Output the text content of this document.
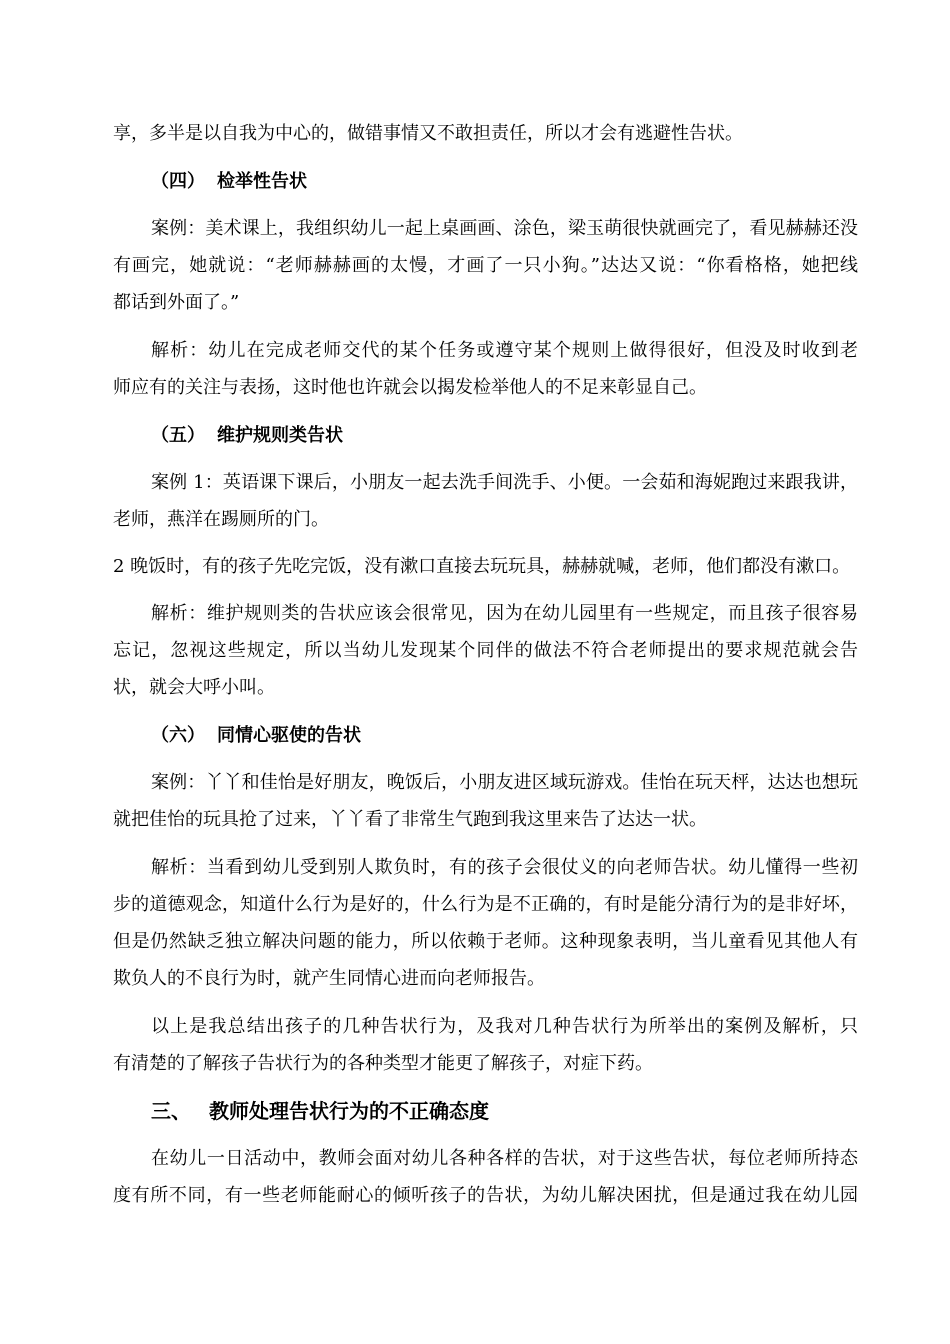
享，多半是以自我为中心的，做错事情又不敢担责任，所以才会有逃避性告状。
（四） 检举性告状
案例：美术课上，我组织幼儿一起上桌画画、涂色，梁玉萌很快就画完了，看见赫赫还没
有画完，她就说：“老师赫赫画的太慢，才画了一只小狗。”达达又说：“你看格格，她把线
都话到外面了。”
解析：幼儿在完成老师交代的某个任务或遵守某个规则上做得很好，但没及时收到老
师应有的关注与表扬，这时他也许就会以揭发检举他人的不足来彰显自己。
（五） 维护规则类告状
案例 1：英语课下课后，小朋友一起去洗手间洗手、小便。一会茹和海妮跑过来跟我讲，
老师，燕洋在踢厕所的门。
2 晚饭时，有的孩子先吃完饭，没有漱口直接去玩玩具，赫赫就喊，老师，他们都没有漱口。
解析：维护规则类的告状应该会很常见，因为在幼儿园里有一些规定，而且孩子很容易
忘记，忽视这些规定，所以当幼儿发现某个同伴的做法不符合老师提出的要求规范就会告
状，就会大呼小叫。
（六） 同情心驱使的告状
案例：丫丫和佳怡是好朋友，晚饭后，小朋友进区域玩游戏。佳怡在玩天枰，达达也想玩
就把佳怡的玩具抢了过来，丫丫看了非常生气跑到我这里来告了达达一状。
解析：当看到幼儿受到别人欺负时，有的孩子会很仗义的向老师告状。幼儿懂得一些初
步的道德观念，知道什么行为是好的，什么行为是不正确的，有时是能分清行为的是非好坏，
但是仍然缺乏独立解决问题的能力，所以依赖于老师。这种现象表明，当儿童看见其他人有
欺负人的不良行为时，就产生同情心进而向老师报告。
以上是我总结出孩子的几种告状行为，及我对几种告状行为所举出的案例及解析，只
有清楚的了解孩子告状行为的各种类型才能更了解孩子，对症下药。
三、 教师处理告状行为的不正确态度
在幼儿一日活动中，教师会面对幼儿各种各样的告状，对于这些告状，每位老师所持态
度有所不同，有一些老师能耐心的倾听孩子的告状，为幼儿解决困扰，但是通过我在幼儿园
